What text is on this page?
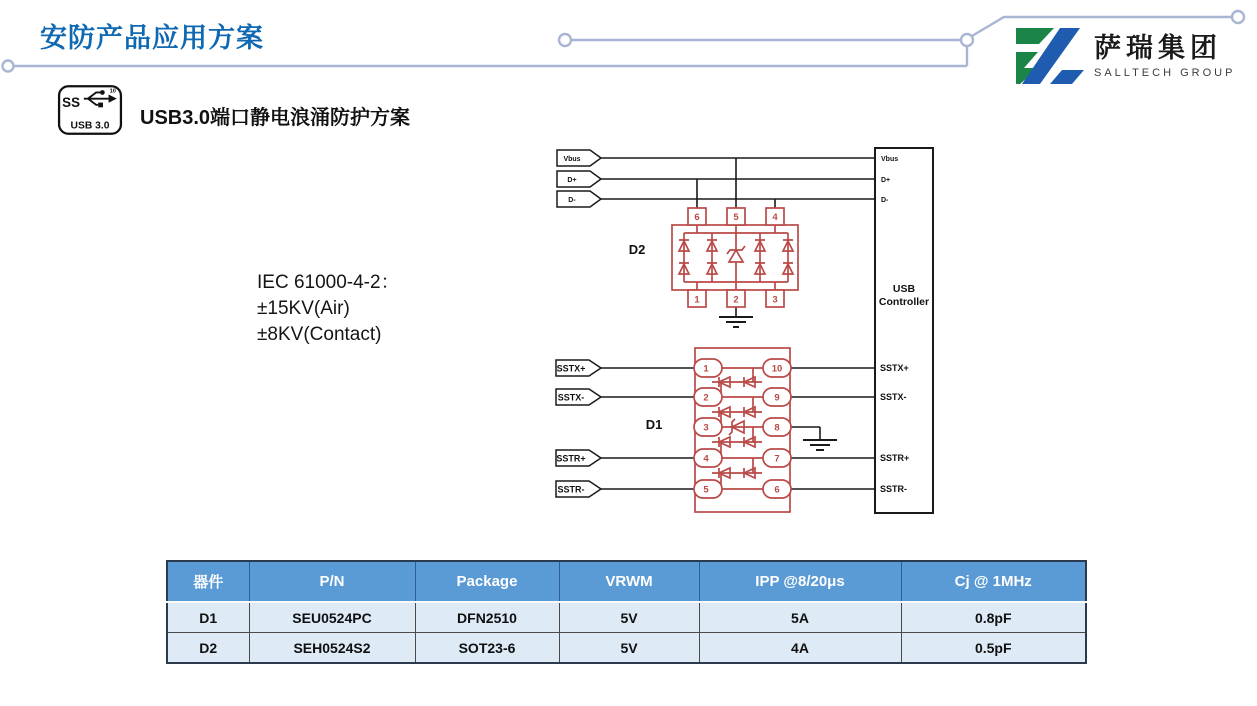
安防产品应用方案	萨瑞集团
SALLTECH GROUP
SS
10
USB 3.0 USB3.0端口静电浪涌防护方案
IEC 61000-4-2：
±15KV(Air)
±8KV(Contact)
Vbus
D+
D-
USB
Controller
SSTX+
SSTX-
SSTR+
SSTR-
Vbus
D+
D-
SSTX+
SSTX-
SSTR+
SSTR-
D2
6	5	4
1	2	3
D1
1
2
3
4
5
10
9
8
7
6
器件	P/N	Package	VRWM	IPP @8/20μs	Cj @ 1MHz
D1	SEU0524PC	DFN2510	5V	5A	0.8pF
D2	SEH0524S2	SOT23-6	5V	4A	0.5pF
